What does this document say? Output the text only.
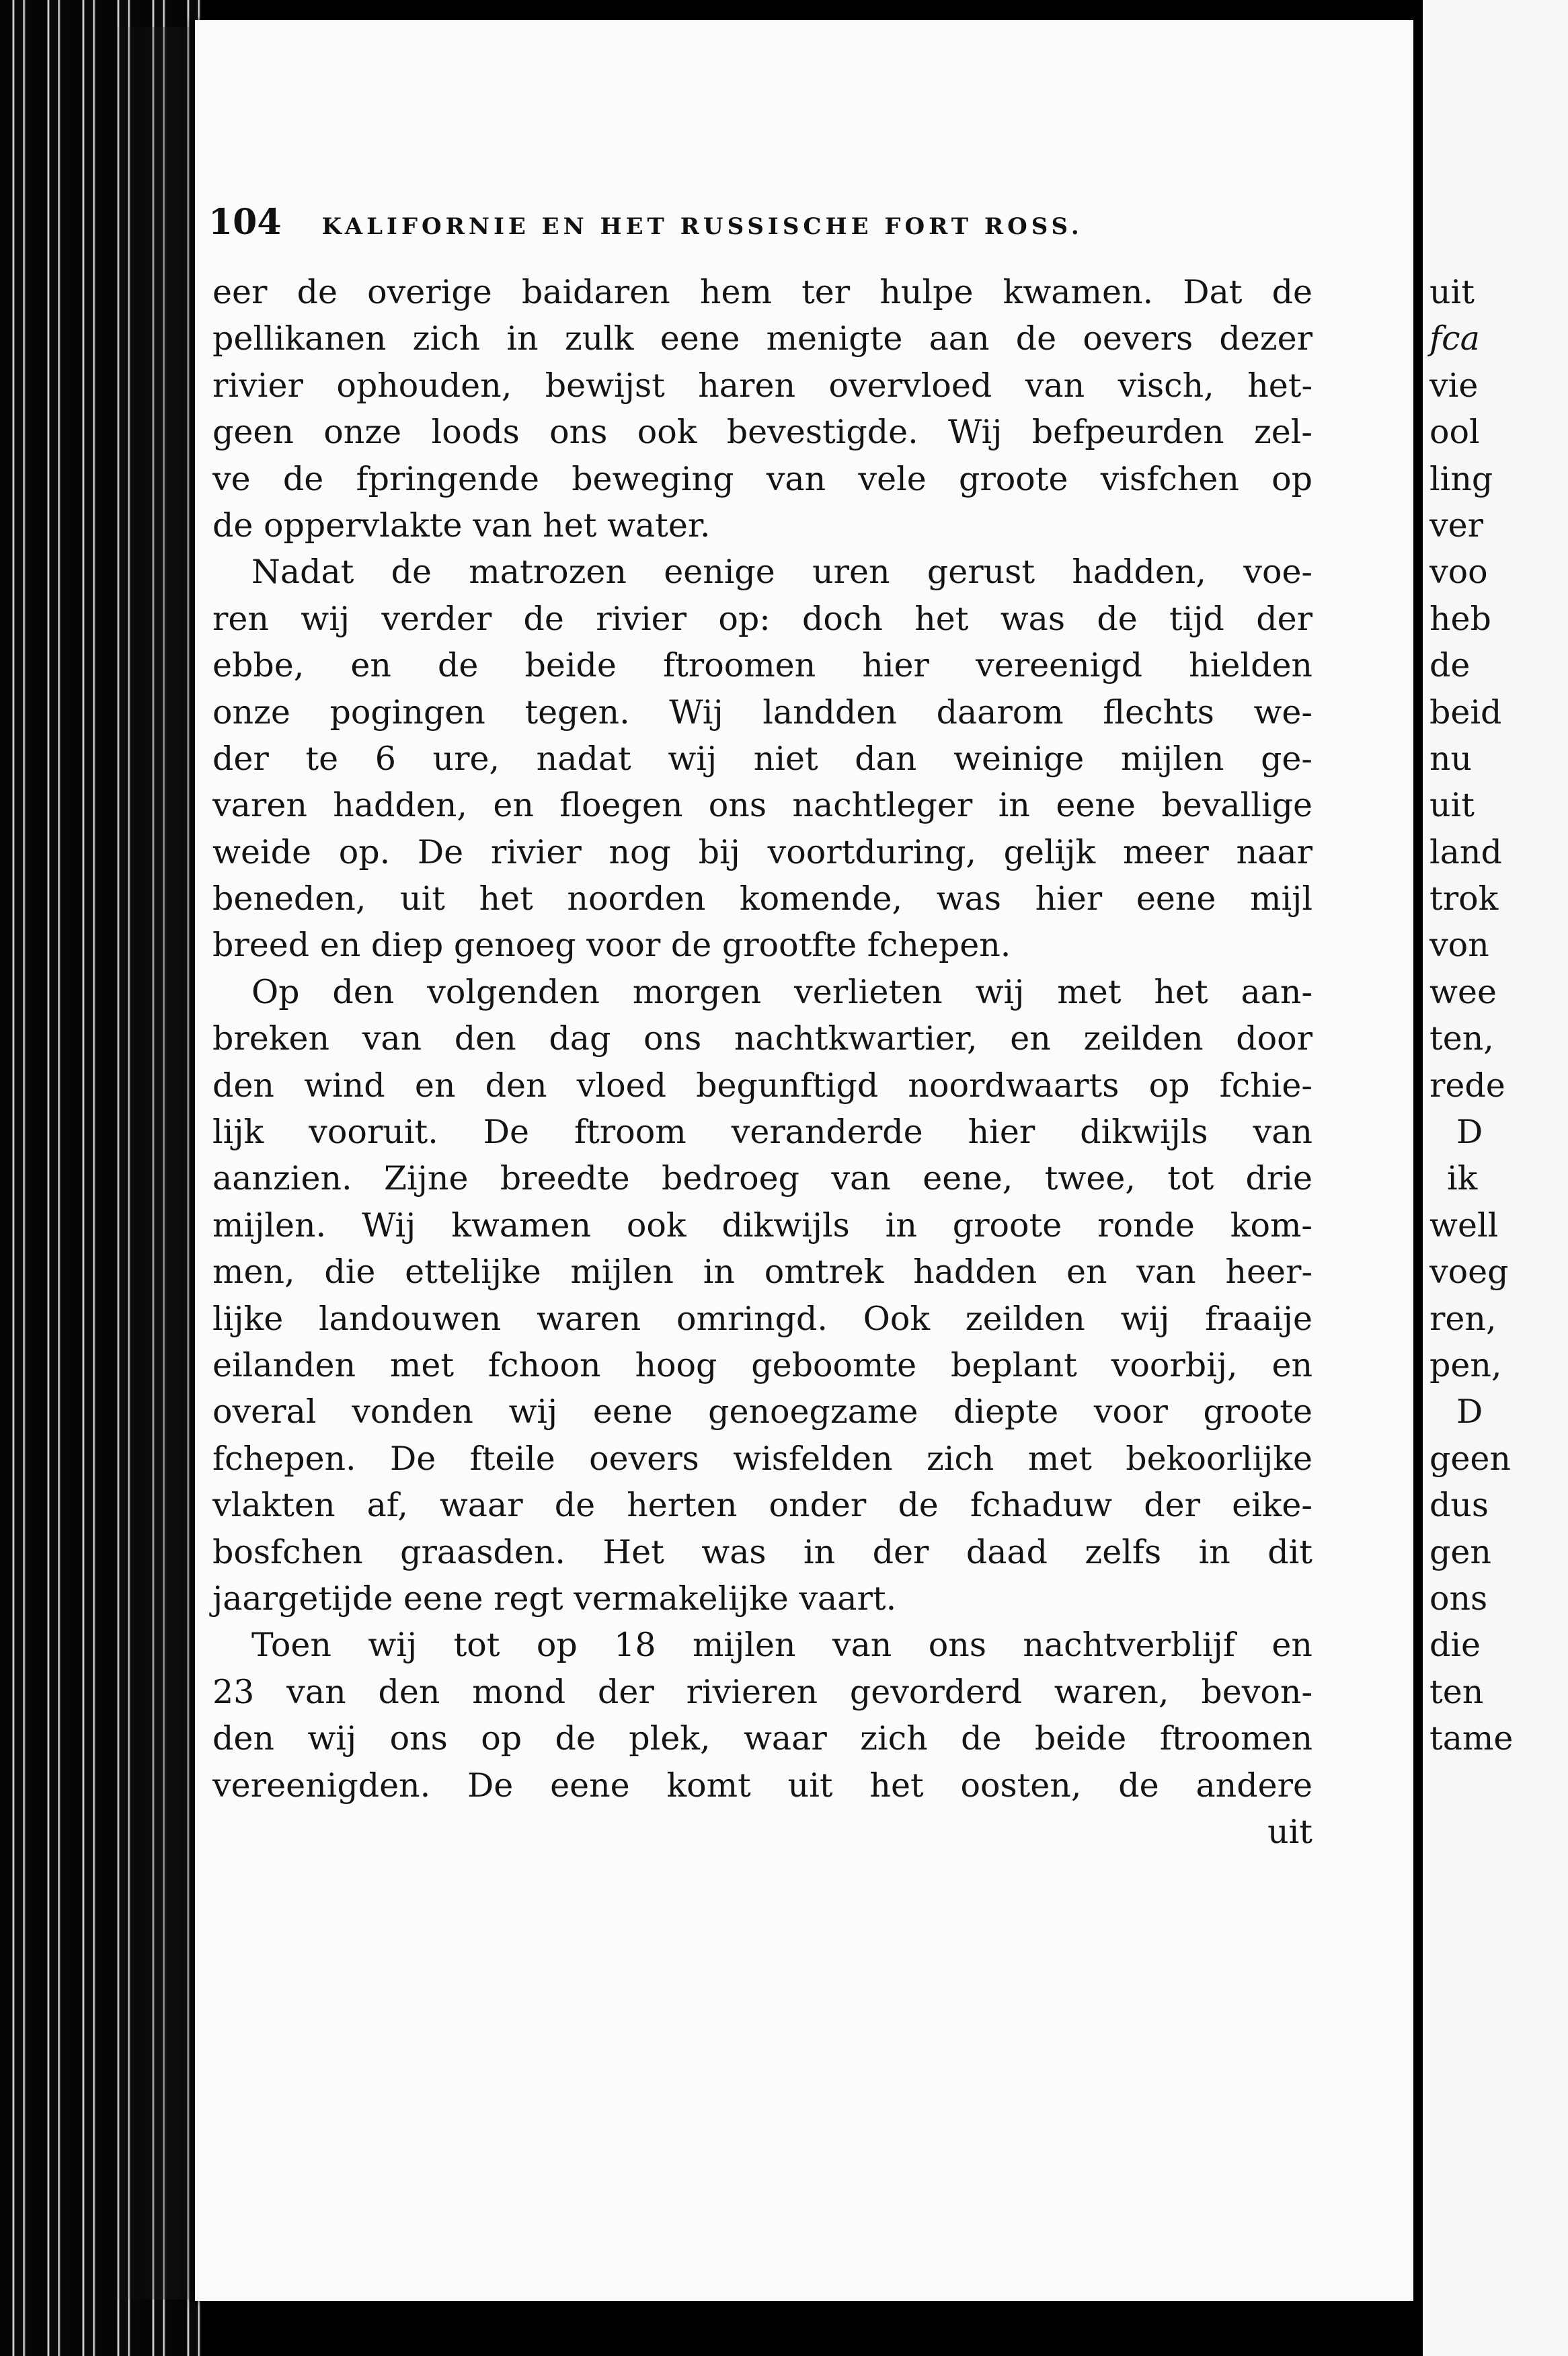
104 KALIFORNIE EN HET RUSSISCHE FORT ROSS.
eer de overige baidaren hem ter hulpe kwamen. Dat de
pellikanen zich in zulk eene menigte aan de oevers dezer
rivier ophouden, bewijst haren overvloed van visch, het-
geen onze loods ons ook bevestigde. Wij befpeurden zel-
ve de fpringende beweging van vele groote visfchen op
de oppervlakte van het water.
Nadat de matrozen eenige uren gerust hadden, voe-
ren wij verder de rivier op: doch het was de tijd der
ebbe, en de beide ftroomen hier vereenigd hielden
onze pogingen tegen. Wij landden daarom flechts we-
der te 6 ure, nadat wij niet dan weinige mijlen ge-
varen hadden, en floegen ons nachtleger in eene bevallige
weide op. De rivier nog bij voortduring, gelijk meer naar
beneden, uit het noorden komende, was hier eene mijl
breed en diep genoeg voor de grootfte fchepen.
Op den volgenden morgen verlieten wij met het aan-
breken van den dag ons nachtkwartier, en zeilden door
den wind en den vloed begunftigd noordwaarts op fchie-
lijk vooruit. De ftroom veranderde hier dikwijls van
aanzien. Zijne breedte bedroeg van eene, twee, tot drie
mijlen. Wij kwamen ook dikwijls in groote ronde kom-
men, die ettelijke mijlen in omtrek hadden en van heer-
lijke landouwen waren omringd. Ook zeilden wij fraaije
eilanden met fchoon hoog geboomte beplant voorbij, en
overal vonden wij eene genoegzame diepte voor groote
fchepen. De fteile oevers wisfelden zich met bekoorlijke
vlakten af, waar de herten onder de fchaduw der eike-
bosfchen graasden. Het was in der daad zelfs in dit
jaargetijde eene regt vermakelijke vaart.
Toen wij tot op 18 mijlen van ons nachtverblijf en
23 van den mond der rivieren gevorderd waren, bevon-
den wij ons op de plek, waar zich de beide ftroomen
vereenigden. De eene komt uit het oosten, de andere
uit
uit
fca
vie
ool
ling
ver
voo
heb
de
beid
nu
uit
land
trok
von
wee
ten,
rede
D
ik
well
voeg
ren,
pen,
D
geen
dus
gen
ons
die
ten
tame
